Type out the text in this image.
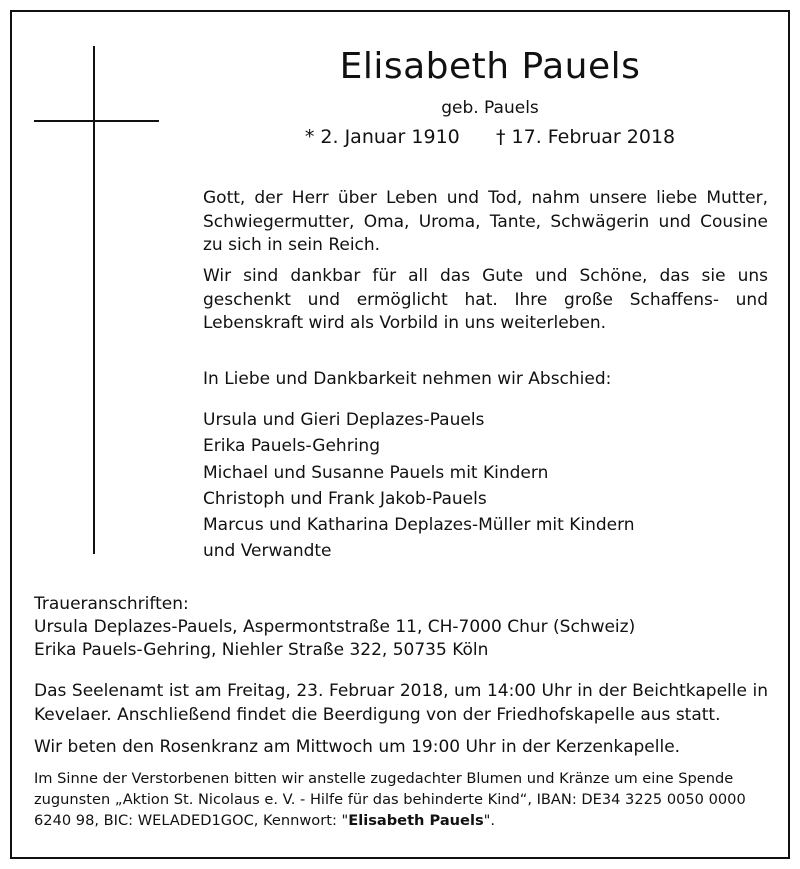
Elisabeth Pauels
geb. Pauels
* 2. Januar 1910      † 17. Februar 2018
Gott, der Herr über Leben und Tod, nahm unsere liebe Mutter, Schwiegermutter, Oma, Uroma, Tante, Schwägerin und Cousine zu sich in sein Reich.
Wir sind dankbar für all das Gute und Schöne, das sie uns geschenkt und ermöglicht hat. Ihre große Schaffens- und Lebenskraft wird als Vorbild in uns weiterleben.
In Liebe und Dankbarkeit nehmen wir Abschied:
Ursula und Gieri Deplazes-Pauels
Erika Pauels-Gehring
Michael und Susanne Pauels mit Kindern
Christoph und Frank Jakob-Pauels
Marcus und Katharina Deplazes-Müller mit Kindern
und Verwandte
Traueranschriften:
Ursula Deplazes-Pauels, Aspermontstraße 11, CH-7000 Chur (Schweiz)
Erika Pauels-Gehring, Niehler Straße 322, 50735 Köln
Das Seelenamt ist am Freitag, 23. Februar 2018, um 14:00 Uhr in der Beichtkapelle in Kevelaer. Anschließend findet die Beerdigung von der Friedhofskapelle aus statt.
Wir beten den Rosenkranz am Mittwoch um 19:00 Uhr in der Kerzenkapelle.
Im Sinne der Verstorbenen bitten wir anstelle zugedachter Blumen und Kränze um eine Spende zugunsten „Aktion St. Nicolaus e. V. - Hilfe für das behinderte Kind“, IBAN: DE34 3225 0050 0000 6240 98, BIC: WELADED1GOC, Kennwort: "Elisabeth Pauels".
